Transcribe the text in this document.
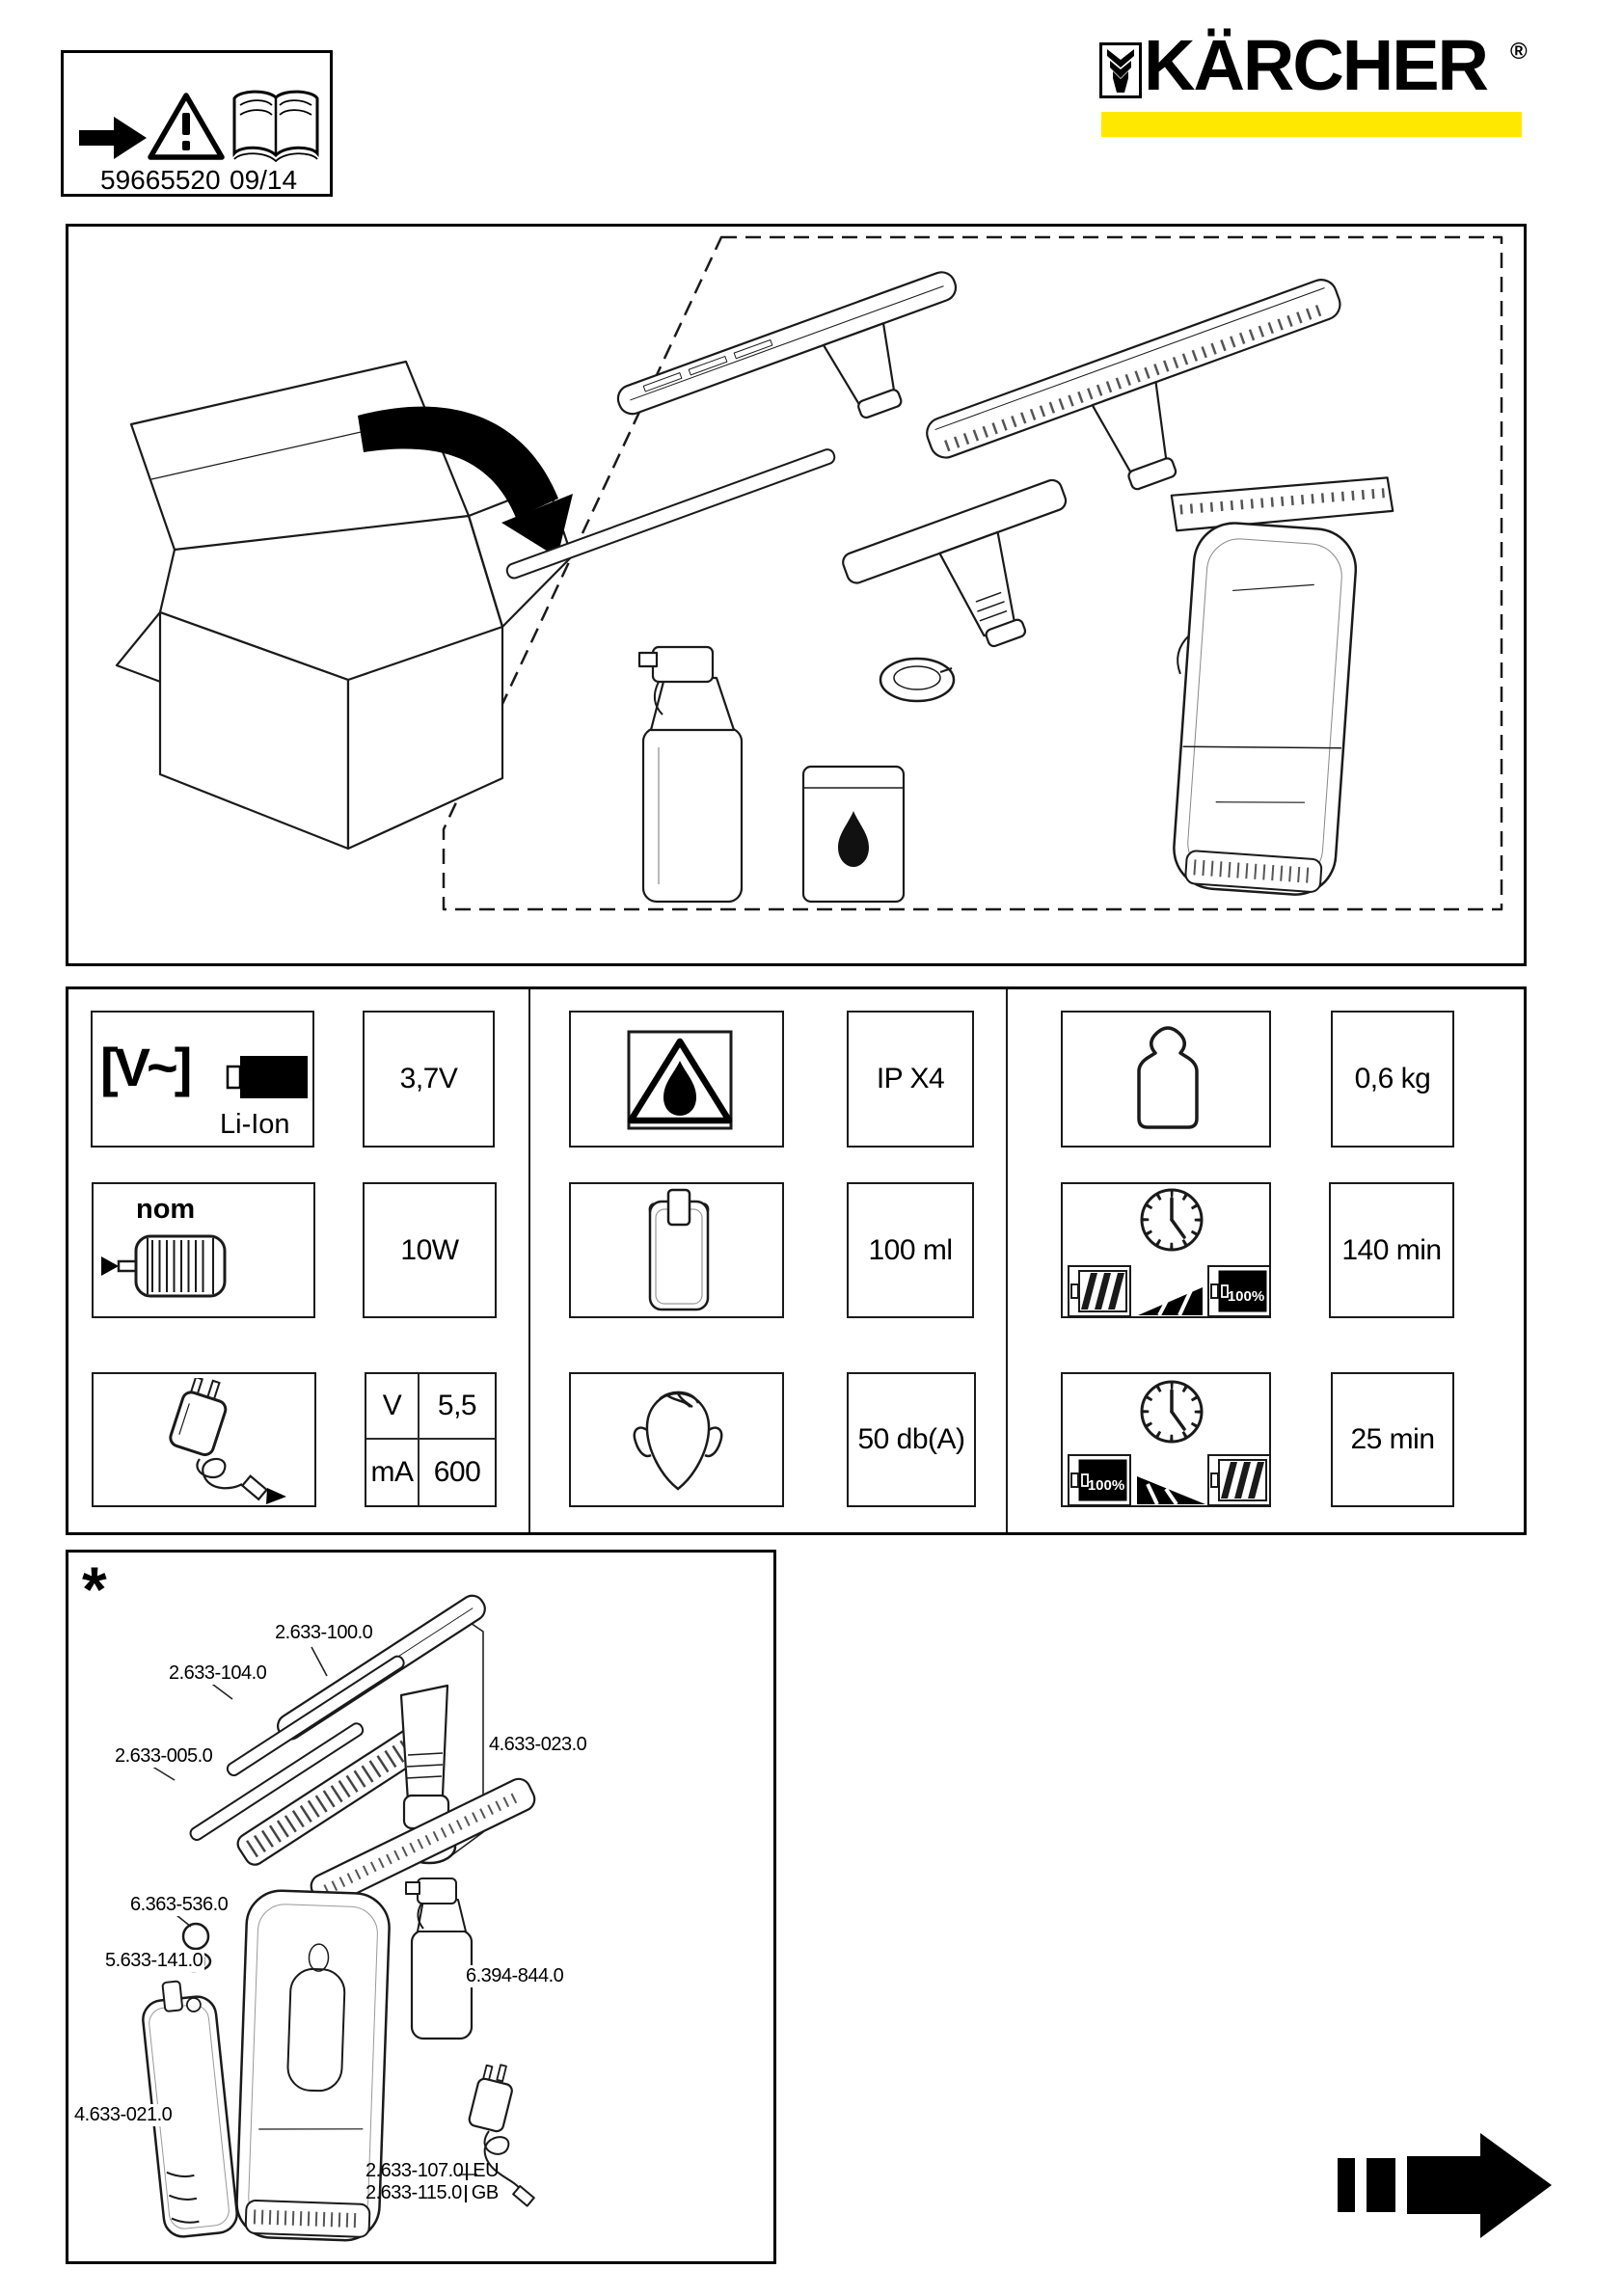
59665520 09/14
KÄRCHER ®
[V~]
Li-Ion
3,7V
nom
10W
V	5,5
mA 600
IP X4
100 ml
50 db(A)
0,6 kg
100%
140 min
100%
25 min
*
2.633-100.0
2.633-104.0
2.633-005.0
4.633-023.0
6.363-536.0
5.633-141.0
4.633-021.0
6.394-844.0
2.633-107.0 EU
2.633-115.0 GB
